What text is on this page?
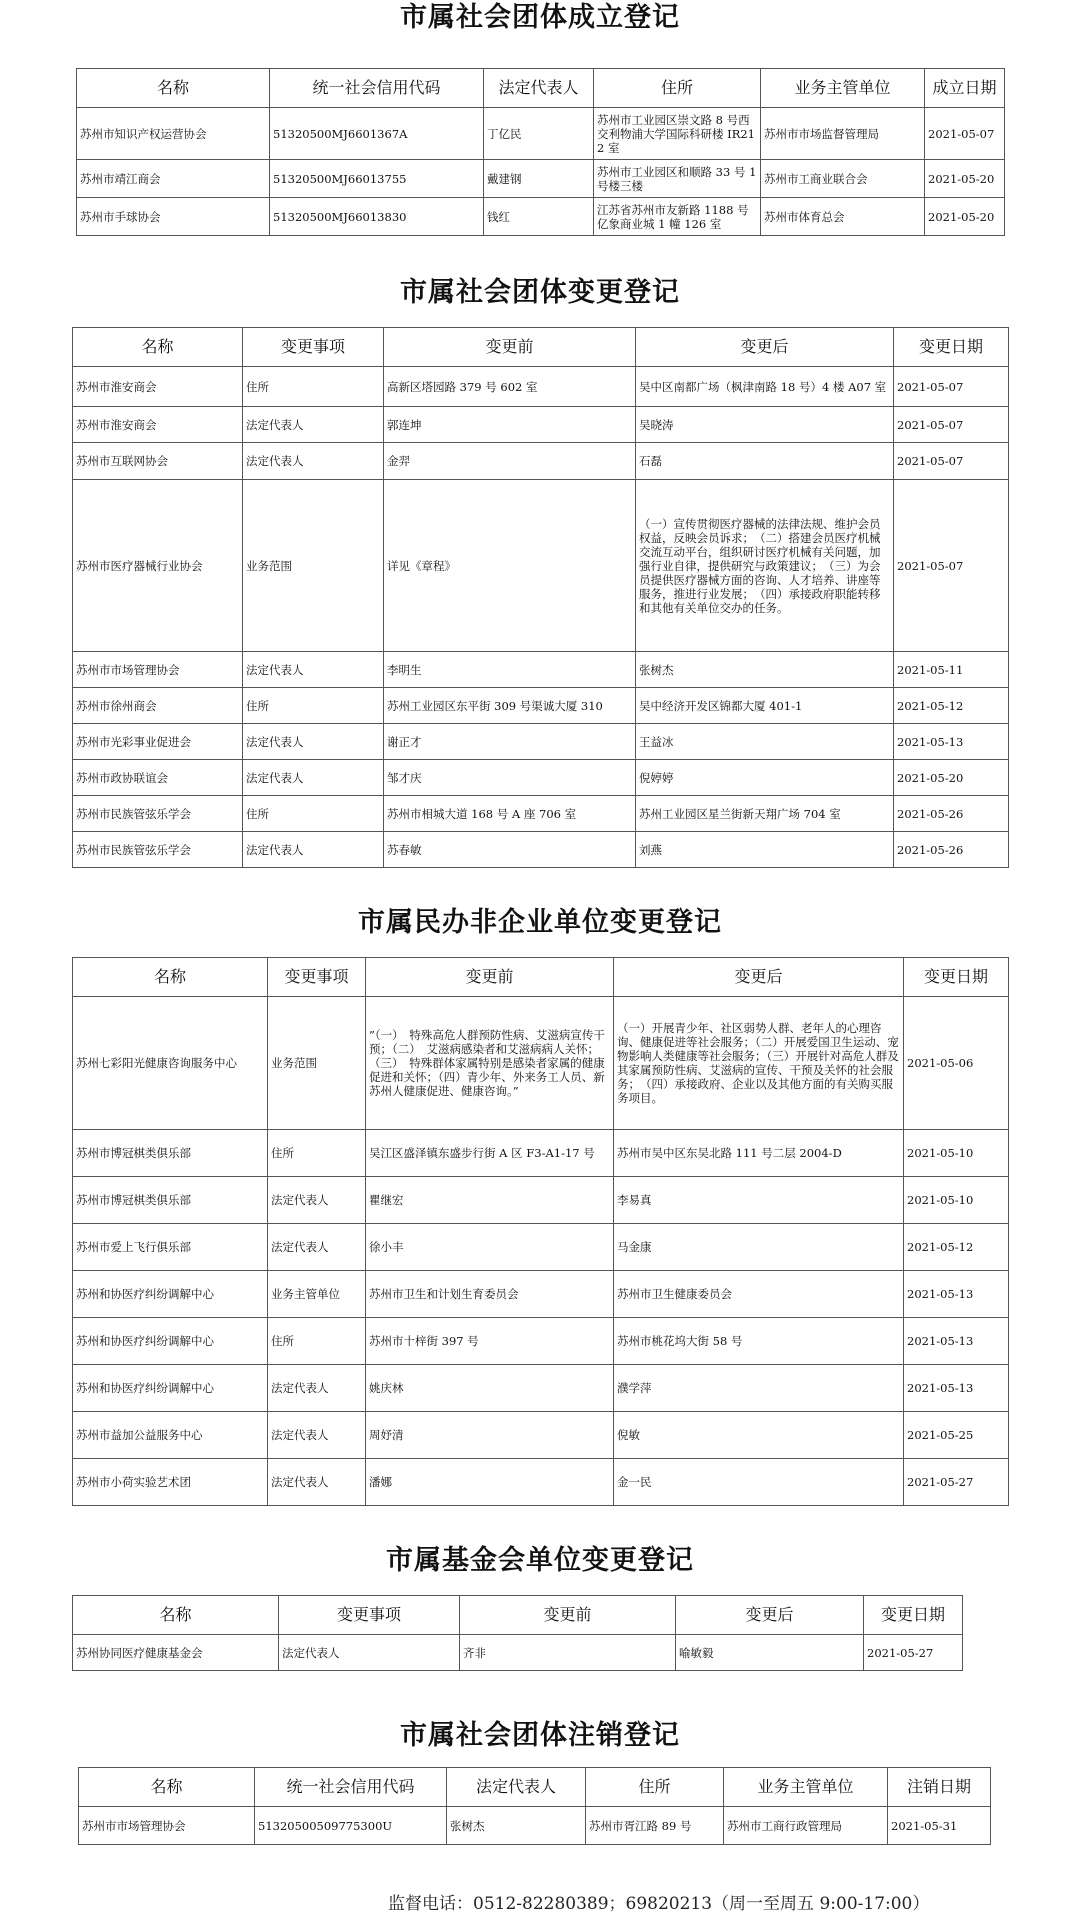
市属社会团体成立登记
名称	统一社会信用代码	法定代表人	住所	业务主管单位	成立日期
苏州市知识产权运营协会	51320500MJ6601367A	丁亿民	苏州市工业园区崇文路 8 号西交利物浦大学国际科研楼 IR212 室	苏州市市场监督管理局	2021-05-07
苏州市靖江商会	51320500MJ66013755	戴建钢	苏州市工业园区和顺路 33 号 1 号楼三楼	苏州市工商业联合会	2021-05-20
苏州市手球协会	51320500MJ66013830	钱红	江苏省苏州市友新路 1188 号亿象商业城 1 幢 126 室	苏州市体育总会	2021-05-20
市属社会团体变更登记
名称	变更事项	变更前	变更后	变更日期
苏州市淮安商会	住所	高新区塔园路 379 号 602 室	吴中区南都广场（枫津南路 18 号）4 楼 A07 室	2021-05-07
苏州市淮安商会	法定代表人	郭连坤	吴晓涛	2021-05-07
苏州市互联网协会	法定代表人	金羿	石磊	2021-05-07
苏州市医疗器械行业协会	业务范围	详见《章程》	（一）宣传贯彻医疗器械的法律法规、维护会员权益，反映会员诉求；　（二）搭建会员医疗机械交流互动平台，组织研讨医疗机械有关问题，加强行业自律，提供研究与政策建议；　（三）为会员提供医疗器械方面的咨询、人才培养、讲座等服务，推进行业发展；　（四）承接政府职能转移和其他有关单位交办的任务。	2021-05-07
苏州市市场管理协会	法定代表人	李明生	张树杰	2021-05-11
苏州市徐州商会	住所	苏州工业园区东平街 309 号渠诚大厦 310	吴中经济开发区锦都大厦 401-1	2021-05-12
苏州市光彩事业促进会	法定代表人	谢正才	王益冰	2021-05-13
苏州市政协联谊会	法定代表人	邹才庆	倪婷婷	2021-05-20
苏州市民族管弦乐学会	住所	苏州市相城大道 168 号 A 座 706 室	苏州工业园区星兰街新天翔广场 704 室	2021-05-26
苏州市民族管弦乐学会	法定代表人	苏春敏	刘燕	2021-05-26
市属民办非企业单位变更登记
名称	变更事项	变更前	变更后	变更日期
苏州七彩阳光健康咨询服务中心	业务范围	”（一）　特殊高危人群预防性病、艾滋病宣传干预；（二）　艾滋病感染者和艾滋病病人关怀；（三）　特殊群体家属特别是感染者家属的健康促进和关怀；（四）青少年、外来务工人员、新苏州人健康促进、健康咨询。”	（一）开展青少年、社区弱势人群、老年人的心理咨询、健康促进等社会服务；（二）开展爱国卫生运动、宠物影响人类健康等社会服务；（三）开展针对高危人群及其家属预防性病、艾滋病的宣传、干预及关怀的社会服务；　（四）承接政府、企业以及其他方面的有关购买服务项目。	2021-05-06
苏州市博冠棋类俱乐部	住所	吴江区盛泽镇东盛步行街 A 区 F3-A1-17 号	苏州市吴中区东吴北路 111 号二层 2004-D	2021-05-10
苏州市博冠棋类俱乐部	法定代表人	瞿继宏	李易真	2021-05-10
苏州市爱上飞行俱乐部	法定代表人	徐小丰	马金康	2021-05-12
苏州和协医疗纠纷调解中心	业务主管单位	苏州市卫生和计划生育委员会	苏州市卫生健康委员会	2021-05-13
苏州和协医疗纠纷调解中心	住所	苏州市十梓街 397 号	苏州市桃花坞大街 58 号	2021-05-13
苏州和协医疗纠纷调解中心	法定代表人	姚庆林	濮学萍	2021-05-13
苏州市益加公益服务中心	法定代表人	周妤清	倪敏	2021-05-25
苏州市小荷实验艺术团	法定代表人	潘娜	金一民	2021-05-27
市属基金会单位变更登记
名称	变更事项	变更前	变更后	变更日期
苏州协同医疗健康基金会	法定代表人	齐非	喻敏毅	2021-05-27
市属社会团体注销登记
名称	统一社会信用代码	法定代表人	住所	业务主管单位	注销日期
苏州市市场管理协会	51320500509775300U	张树杰	苏州市胥江路 89 号	苏州市工商行政管理局	2021-05-31
监督电话：0512-82280389；69820213（周一至周五 9:00-17:00）
